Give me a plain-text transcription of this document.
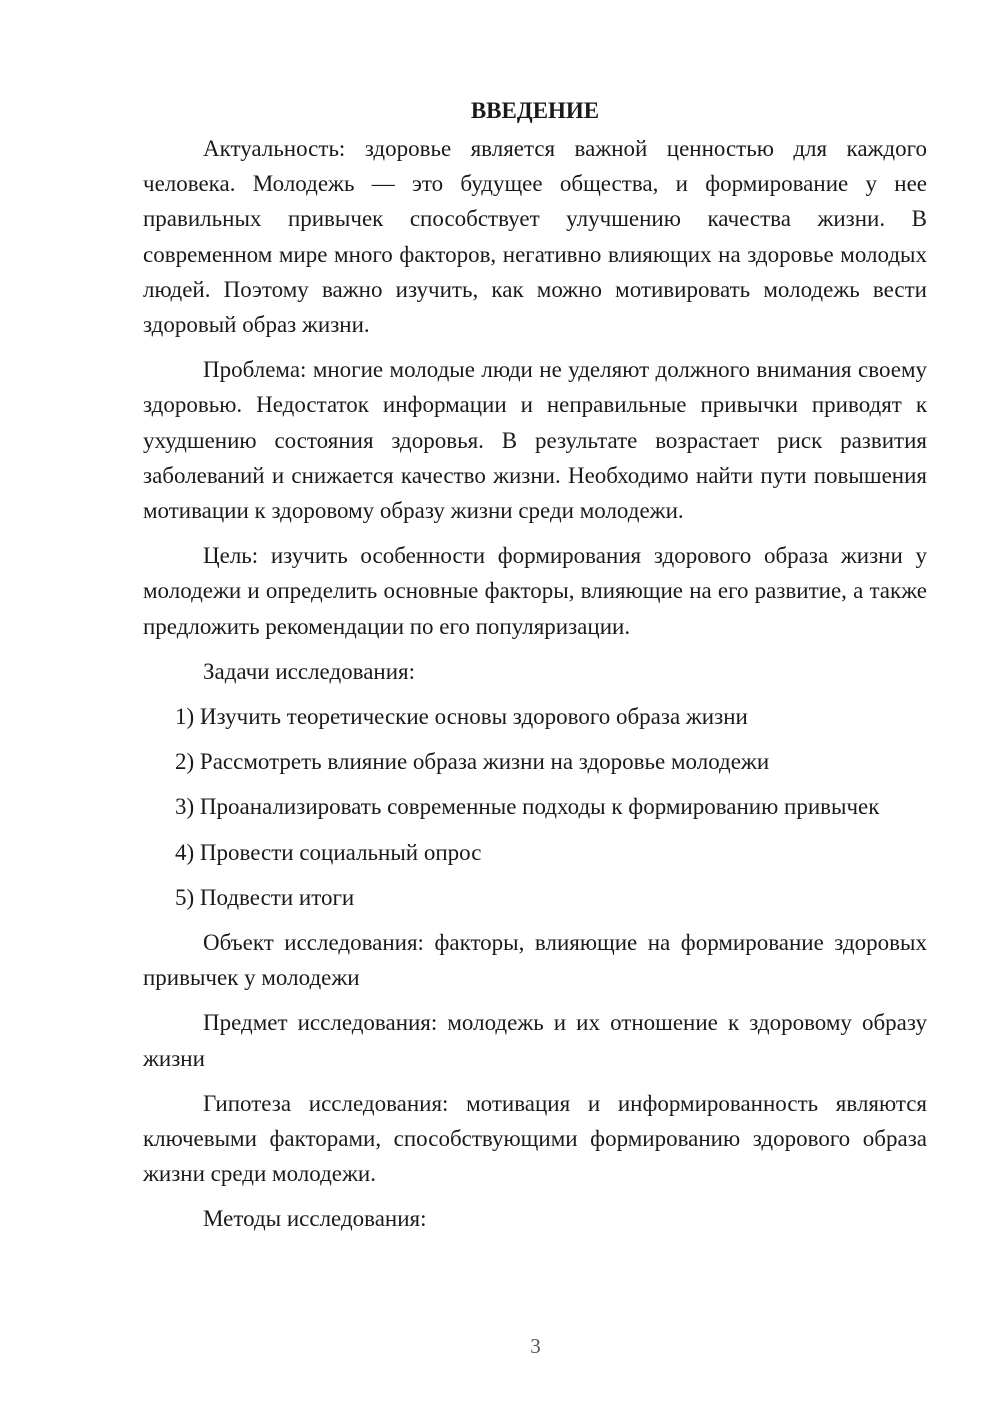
ВВЕДЕНИЕ

Актуальность: здоровье является важной ценностью для каждого человека. Молодежь — это будущее общества, и формирование у нее правильных привычек способствует улучшению качества жизни. В современном мире много факторов, негативно влияющих на здоровье молодых людей. Поэтому важно изучить, как можно мотивировать молодежь вести здоровый образ жизни.

Проблема: многие молодые люди не уделяют должного внимания своему здоровью. Недостаток информации и неправильные привычки приводят к ухудшению состояния здоровья. В результате возрастает риск развития заболеваний и снижается качество жизни. Необходимо найти пути повышения мотивации к здоровому образу жизни среди молодежи.

Цель: изучить особенности формирования здорового образа жизни у молодежи и определить основные факторы, влияющие на его развитие, а также предложить рекомендации по его популяризации.

Задачи исследования:

1) Изучить теоретические основы здорового образа жизни

2) Рассмотреть влияние образа жизни на здоровье молодежи

3) Проанализировать современные подходы к формированию привычек

4) Провести социальный опрос

5) Подвести итоги

Объект исследования: факторы, влияющие на формирование здоровых привычек у молодежи

Предмет исследования: молодежь и их отношение к здоровому образу жизни

Гипотеза исследования: мотивация и информированность являются ключевыми факторами, способствующими формированию здорового образа жизни среди молодежи.

Методы исследования:

3
